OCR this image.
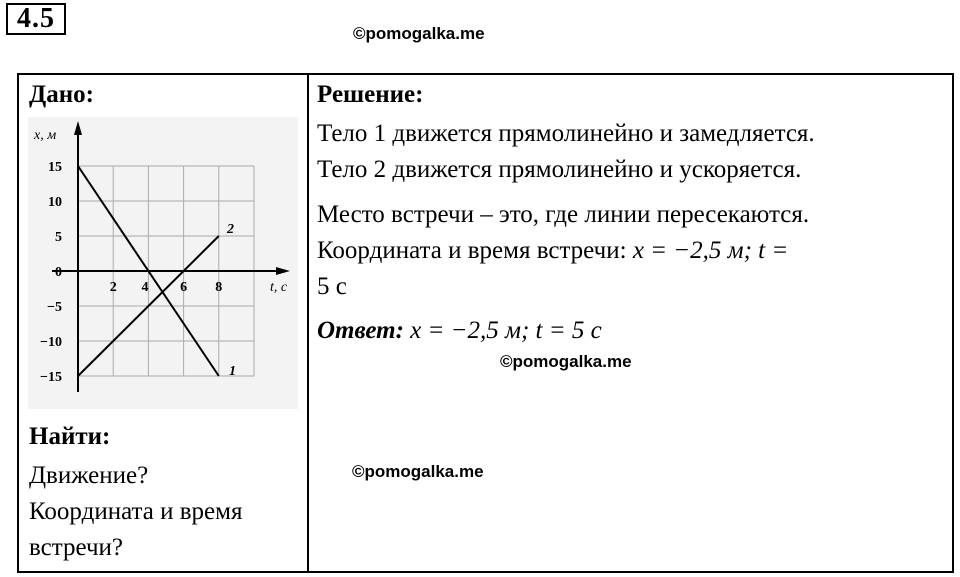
4.5	©pomogalka.me
Дано:
x, м
15
10
5
0
−5
−10
−15
2 4 6 8	t, с
2
1
Найти:
Движение?
Координата и время
встречи?
Решение:
Тело 1 движется прямолинейно и замедляется.
Тело 2 движется прямолинейно и ускоряется.
Место встречи – это, где линии пересекаются.
Координата и время встречи: x = −2,5 м; t =
5 с
Ответ: x = −2,5 м; t = 5 с
©pomogalka.me
©pomogalka.me
